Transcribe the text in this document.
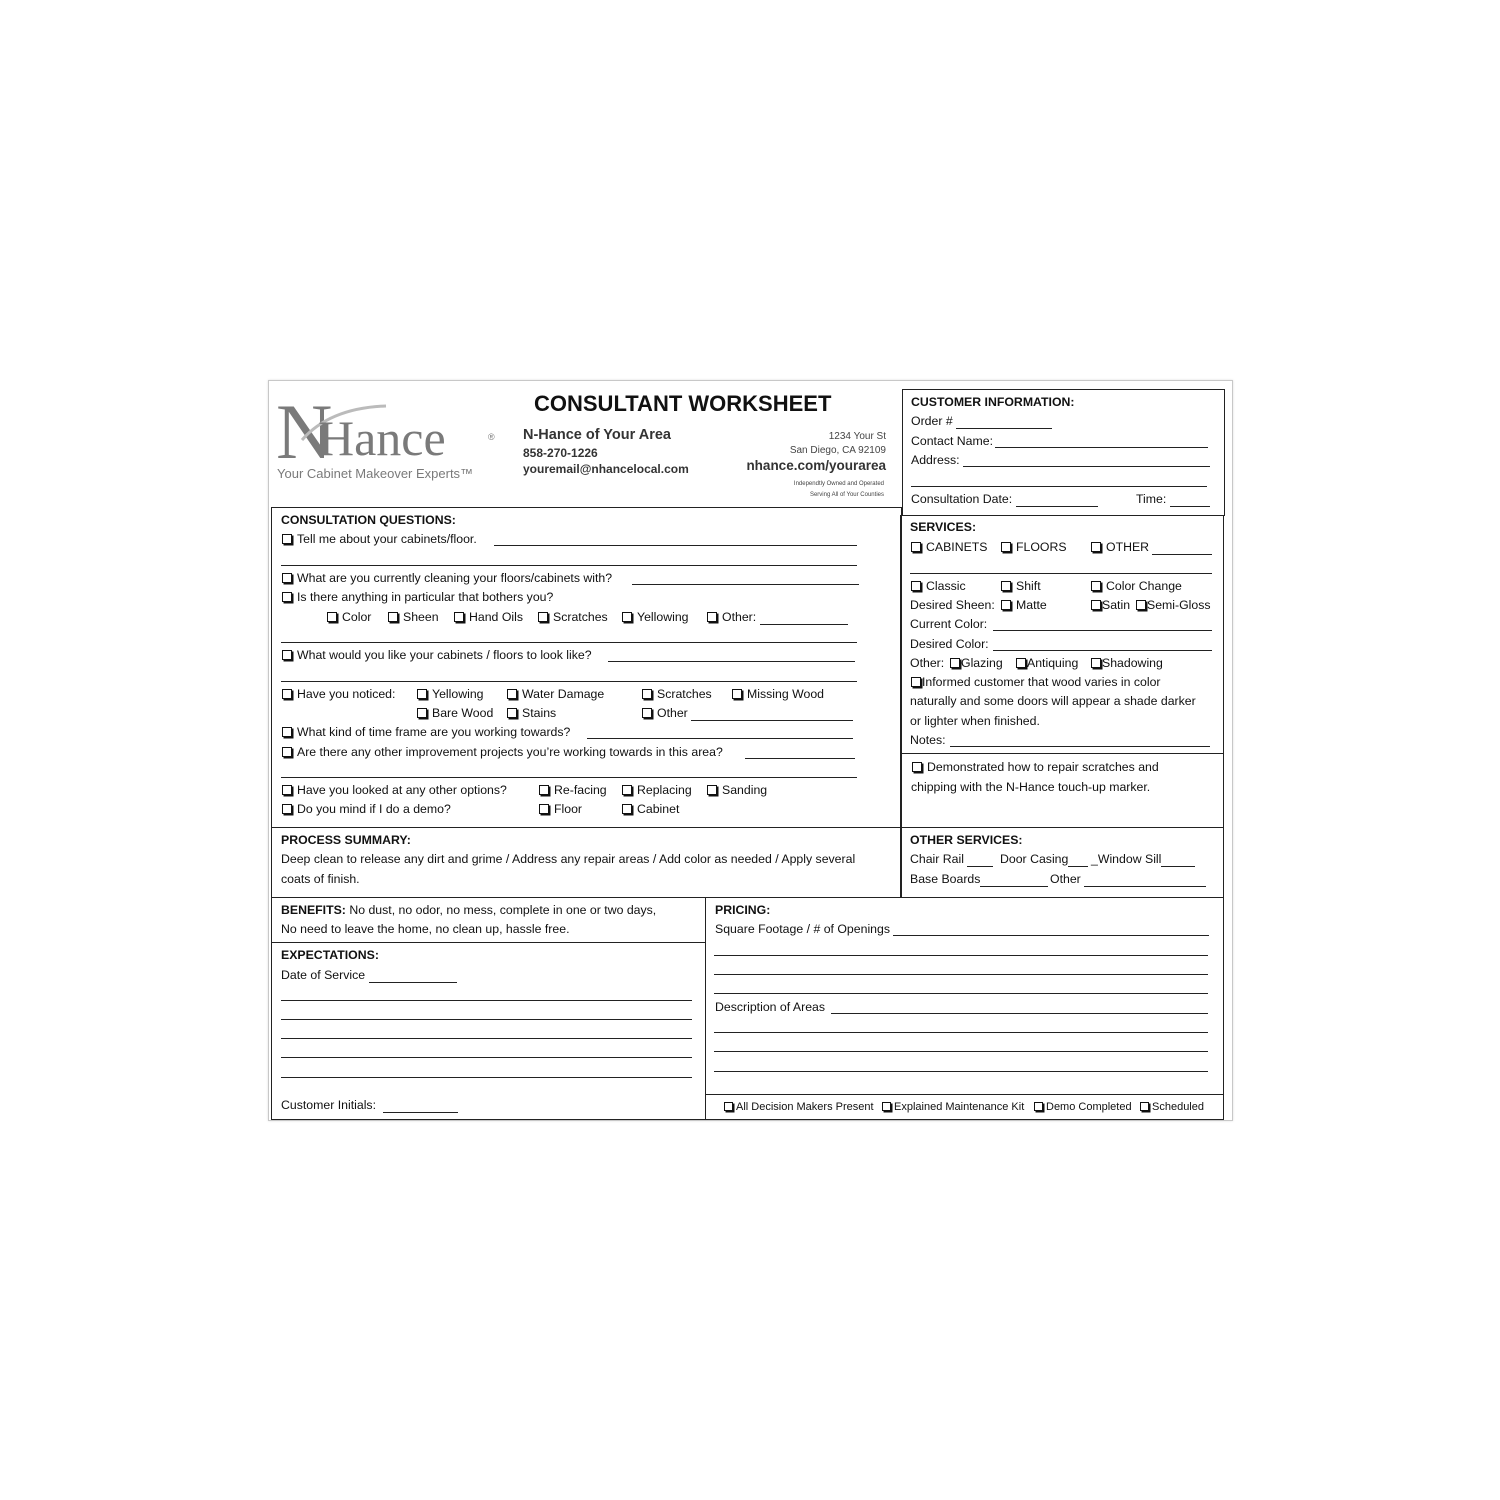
N
Hance	®
Your Cabinet Makeover Experts™
CONSULTANT WORKSHEET
N-Hance of Your Area
858-270-1226
youremail@nhancelocal.com
1234 Your St
San Diego, CA 92109
nhance.com/yourarea
Independtly Owned and Operated
Serving All of Your Counties
CUSTOMER INFORMATION:
Order #
Contact Name:
Address:
Consultation Date:	Time:
SERVICES:
CABINETS	FLOORS	OTHER
Classic	Shift	Color Change
Desired Sheen:	Matte	Satin	Semi-Gloss
Current Color:
Desired Color:
Other:	Glazing	Antiquing	Shadowing
Informed customer that wood varies in color
naturally and some doors will appear a shade darker
or lighter when finished.
Notes:
Demonstrated how to repair scratches and
chipping with the N-Hance touch-up marker.
CONSULTATION QUESTIONS:
Tell me about your cabinets/floor.
What are you currently cleaning your floors/cabinets with?
Is there anything in particular that bothers you?
Color	Sheen	Hand Oils	Scratches	Yellowing	Other:
What would you like your cabinets / floors to look like?
Have you noticed:	Yellowing	Water Damage	Scratches	Missing Wood
Bare Wood	Stains	Other
What kind of time frame are you working towards?
Are there any other improvement projects you’re working towards in this area?
Have you looked at any other options?	Re-facing	Replacing	Sanding
Do you mind if I do a demo?	Floor	Cabinet
PROCESS SUMMARY:
Deep clean to release any dirt and grime / Address any repair areas / Add color as needed / Apply several
coats of finish.
OTHER SERVICES:
Chair Rail	Door Casing	_Window Sill
Base Boards	Other
BENEFITS: No dust, no odor, no mess, complete in one or two days,
No need to leave the home, no clean up, hassle free.
EXPECTATIONS:
Date of Service
Customer Initials:
PRICING:
Square Footage / # of Openings
Description of Areas
All Decision Makers Present	Explained Maintenance Kit	Demo Completed	Scheduled
